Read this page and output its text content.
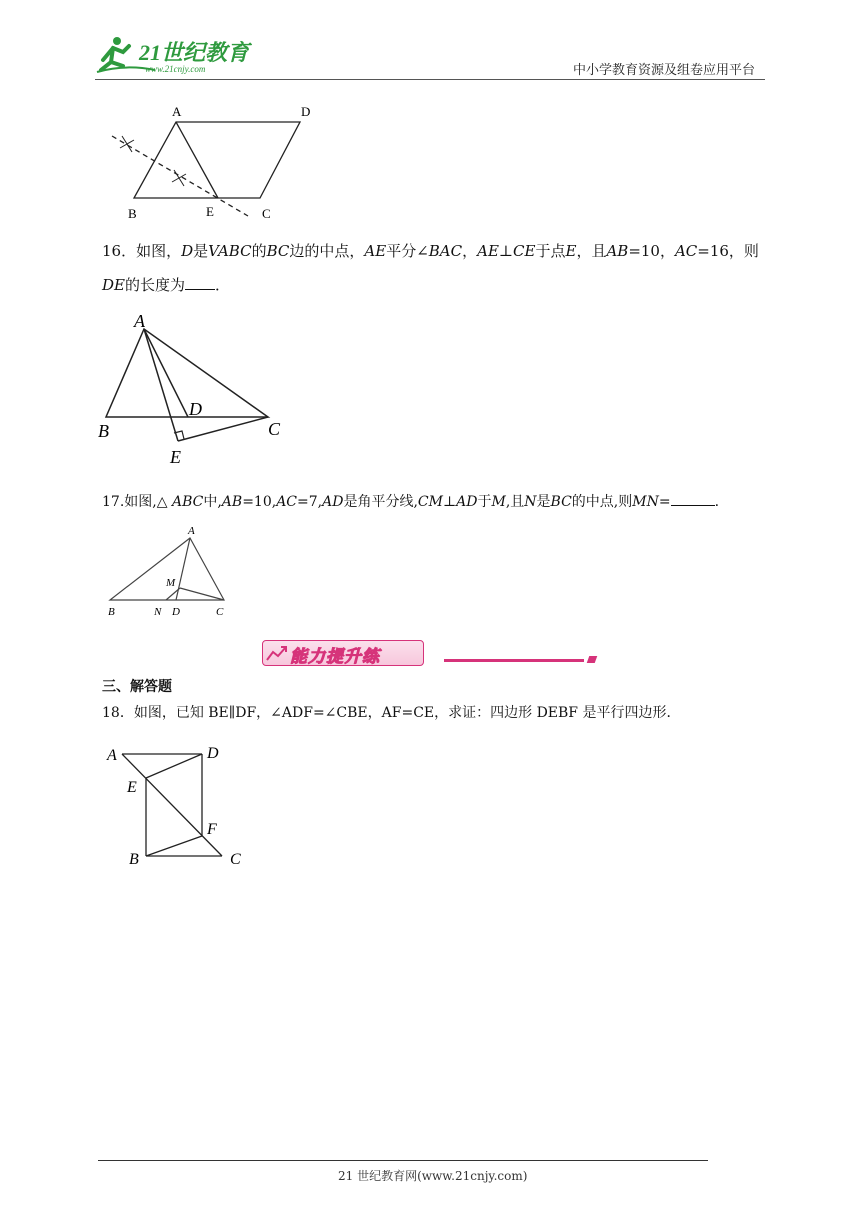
21世纪教育
www.21cnjy.com	中小学教育资源及组卷应用平台
A	D
B	E	C
16．如图，D是VABC的BC边的中点，AE平分∠BAC，AE⊥CE于点E，且AB=10，AC=16，则
DE的长度为 ．
A
B	C
D
E
17.如图,△ ABC中,AB=10,AC=7,AD是角平分线,CM⊥AD于M,且N是BC的中点,则MN=	.
A
M
B	N D	C
能力提升练
三、解答题
18．如图，已知 BE∥DF，∠ADF=∠CBE，AF=CE，求证：四边形 DEBF 是平行四边形．
A	D
E
F
B	C
21 世纪教育网(www.21cnjy.com)
